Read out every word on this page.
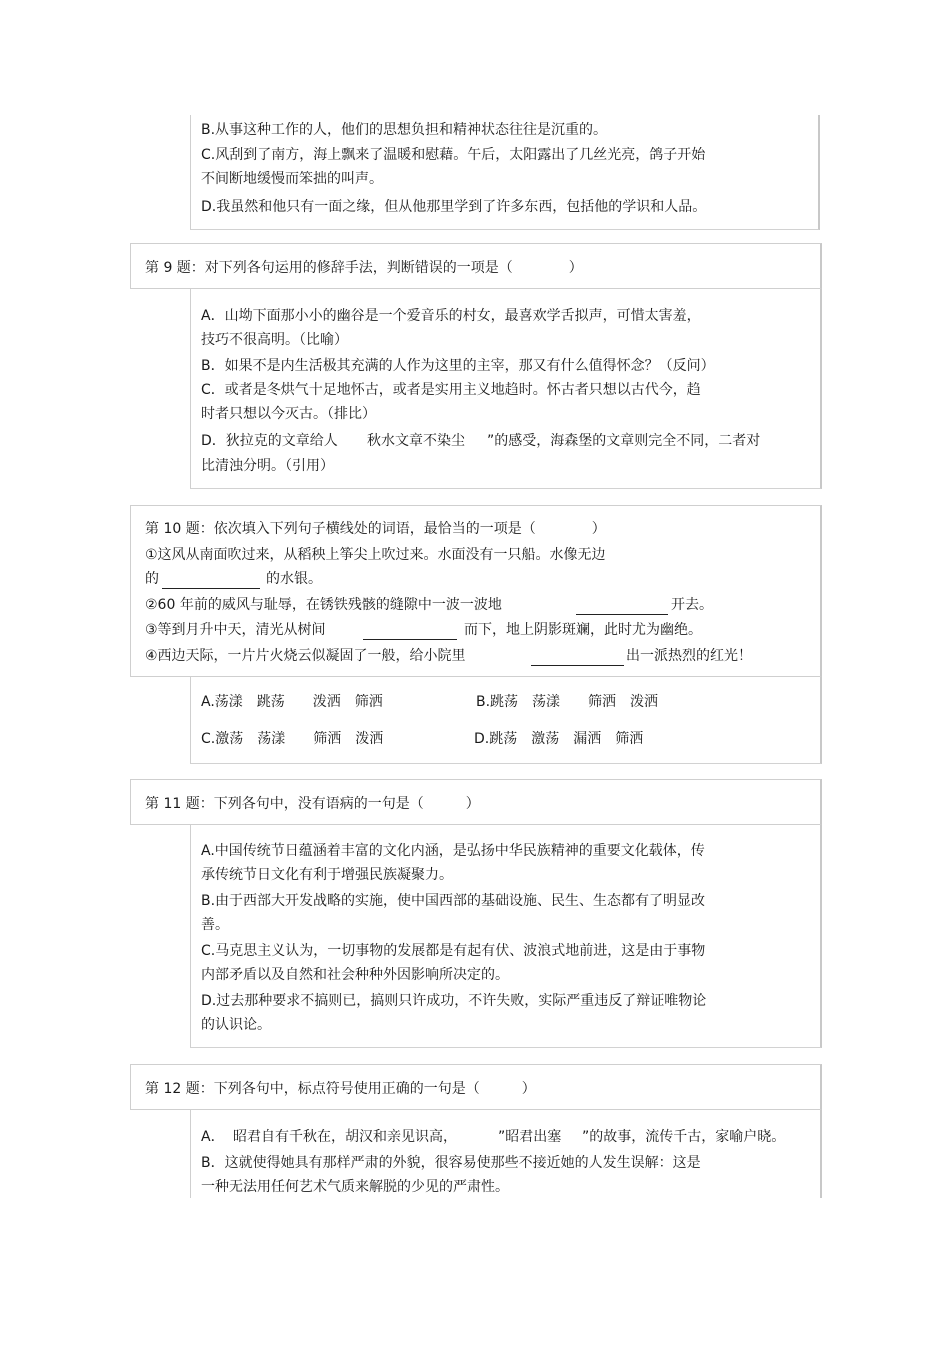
B.从事这种工作的人，他们的思想负担和精神状态往往是沉重的。
C.风刮到了南方，海上飘来了温暖和慰藉。午后，太阳露出了几丝光亮，鸽子开始
不间断地缓慢而笨拙的叫声。
D.我虽然和他只有一面之缘，但从他那里学到了许多东西，包括他的学识和人品。
第 9 题：对下列各句运用的修辞手法，判断错误的一项是（　　　　）
A．山坳下面那小小的幽谷是一个爱音乐的村女，最喜欢学舌拟声，可惜太害羞，
技巧不很高明。（比喻）
B．如果不是内生活极其充满的人作为这里的主宰，那又有什么值得怀念？（反问）
C．或者是冬烘气十足地怀古，或者是实用主义地趋时。怀古者只想以古代今，趋
时者只想以今灭古。（排比）
D．狄拉克的文章给人 秋水文章不染尘 ”的感受，海森堡的文章则完全不同，二者对
比清浊分明。（引用）
第 10 题：依次填入下列句子横线处的词语，最恰当的一项是（　　　　）
①这风从南面吹过来，从稻秧上筝尖上吹过来。水面没有一只船。水像无边
的	的水银。
②60 年前的威风与耻辱，在锈铁残骸的缝隙中一波一波地	开去。
③等到月升中天，清光从树间	而下，地上阴影斑斓，此时尤为幽绝。
④西边天际，一片片火烧云似凝固了一般，给小院里	出一派热烈的红光！
A.荡漾　跳荡　　泼洒　筛洒	B.跳荡　荡漾　　筛洒　泼洒
C.激荡　荡漾　　筛洒　泼洒	D.跳荡　激荡　漏洒　筛洒
第 11 题：下列各句中，没有语病的一句是（　　　）
A.中国传统节日蕴涵着丰富的文化内涵，是弘扬中华民族精神的重要文化载体，传
承传统节日文化有利于增强民族凝聚力。
B.由于西部大开发战略的实施，使中国西部的基础设施、民生、生态都有了明显改
善。
C.马克思主义认为，一切事物的发展都是有起有伏、波浪式地前进，这是由于事物
内部矛盾以及自然和社会种种外因影响所决定的。
D.过去那种要求不搞则已，搞则只许成功，不许失败，实际严重违反了辩证唯物论
的认识论。
第 12 题：下列各句中，标点符号使用正确的一句是（　　　）
A． 昭君自有千秋在，胡汉和亲见识高，	”昭君出塞 ”的故事，流传千古，家喻户晓。
B．这就使得她具有那样严肃的外貌，很容易使那些不接近她的人发生误解：这是
一种无法用任何艺术气质来解脱的少见的严肃性。
